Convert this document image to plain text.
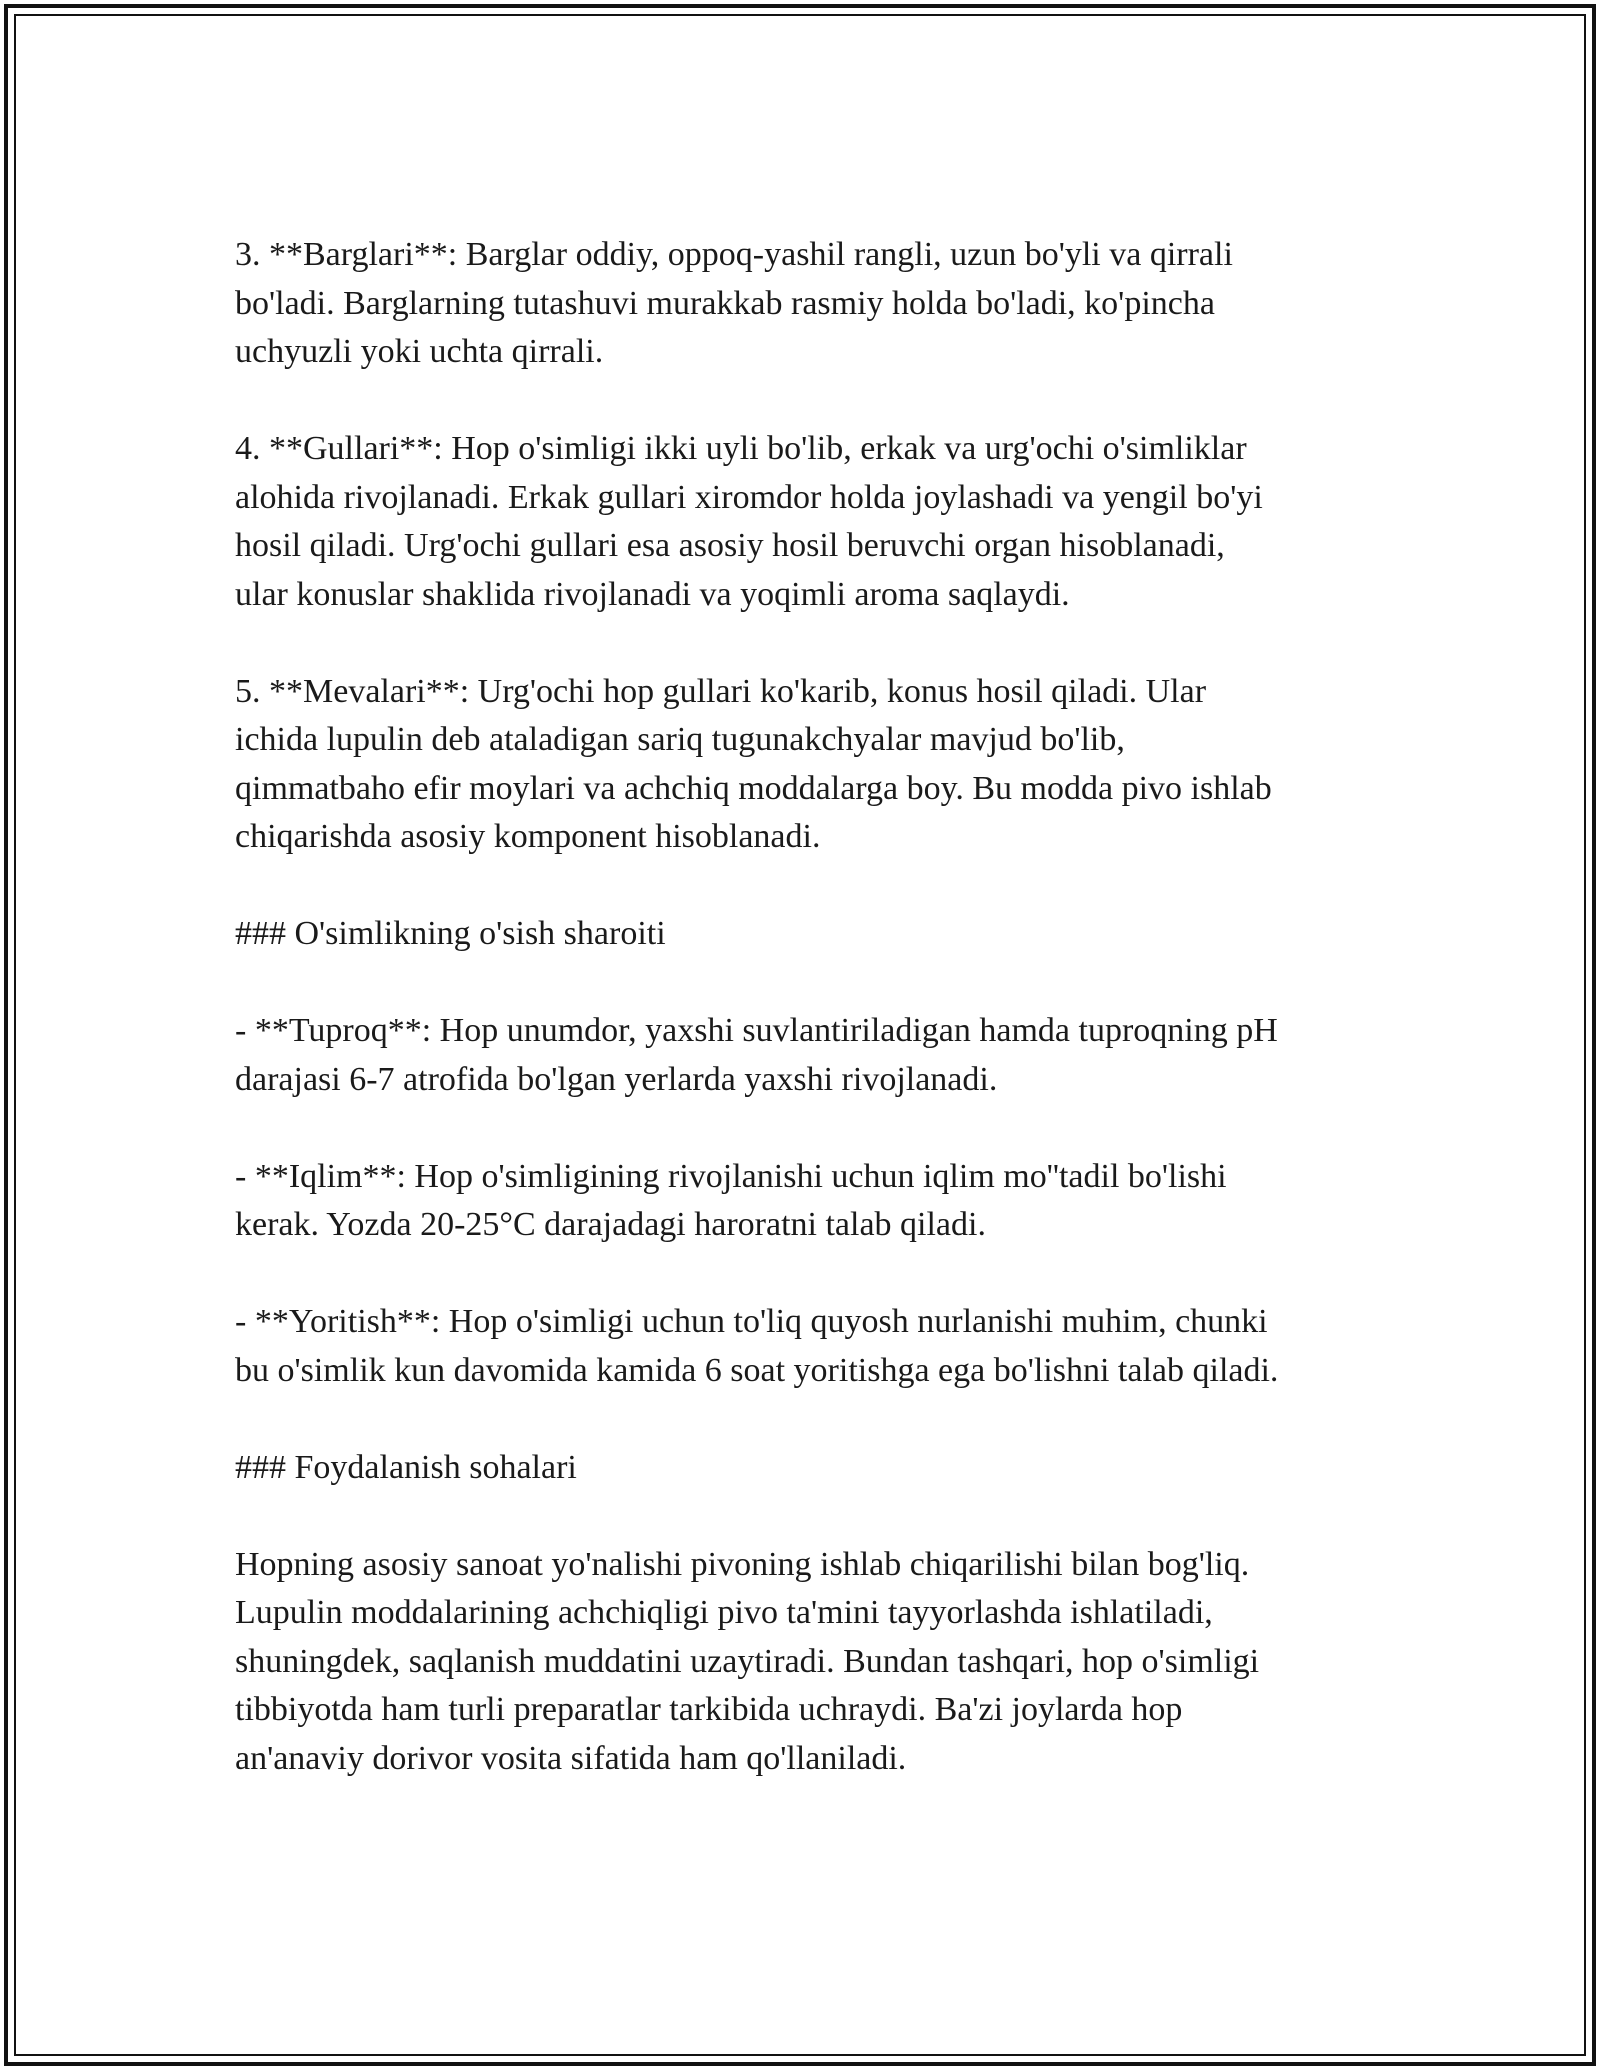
3. **Barglari**: Barglar oddiy, oppoq-yashil rangli, uzun bo'yli va qirrali
bo'ladi. Barglarning tutashuvi murakkab rasmiy holda bo'ladi, ko'pincha
uchyuzli yoki uchta qirrali.

4. **Gullari**: Hop o'simligi ikki uyli bo'lib, erkak va urg'ochi o'simliklar
alohida rivojlanadi. Erkak gullari xiromdor holda joylashadi va yengil bo'yi
hosil qiladi. Urg'ochi gullari esa asosiy hosil beruvchi organ hisoblanadi,
ular konuslar shaklida rivojlanadi va yoqimli aroma saqlaydi.

5. **Mevalari**: Urg'ochi hop gullari ko'karib, konus hosil qiladi. Ular
ichida lupulin deb ataladigan sariq tugunakchyalar mavjud bo'lib,
qimmatbaho efir moylari va achchiq moddalarga boy. Bu modda pivo ishlab
chiqarishda asosiy komponent hisoblanadi.

### O'simlikning o'sish sharoiti

- **Tuproq**: Hop unumdor, yaxshi suvlantiriladigan hamda tuproqning pH
darajasi 6-7 atrofida bo'lgan yerlarda yaxshi rivojlanadi.

- **Iqlim**: Hop o'simligining rivojlanishi uchun iqlim mo''tadil bo'lishi
kerak. Yozda 20-25°C darajadagi haroratni talab qiladi.

- **Yoritish**: Hop o'simligi uchun to'liq quyosh nurlanishi muhim, chunki
bu o'simlik kun davomida kamida 6 soat yoritishga ega bo'lishni talab qiladi.

### Foydalanish sohalari

Hopning asosiy sanoat yo'nalishi pivoning ishlab chiqarilishi bilan bog'liq.
Lupulin moddalarining achchiqligi pivo ta'mini tayyorlashda ishlatiladi,
shuningdek, saqlanish muddatini uzaytiradi. Bundan tashqari, hop o'simligi
tibbiyotda ham turli preparatlar tarkibida uchraydi. Ba'zi joylarda hop
an'anaviy dorivor vosita sifatida ham qo'llaniladi.
